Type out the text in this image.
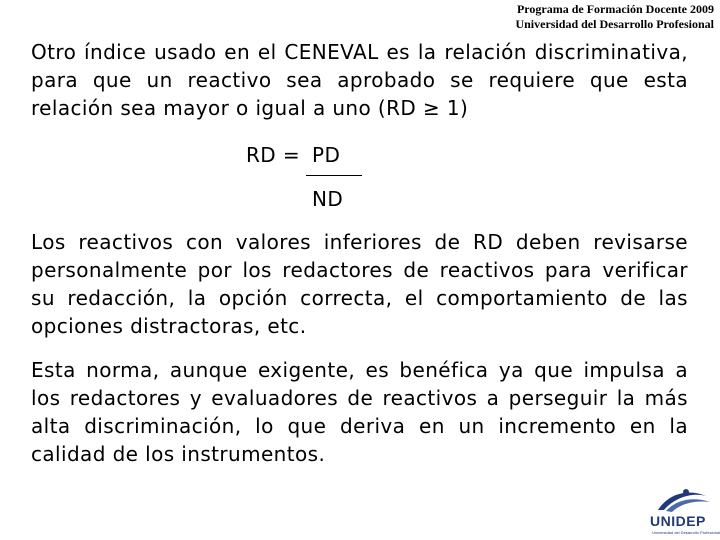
Programa de Formación Docente 2009
Universidad del Desarrollo Profesional

Otro índice usado en el CENEVAL es la relación discriminativa, para que un reactivo sea aprobado se requiere que esta relación sea mayor o igual a uno (RD ≥ 1)

RD = PD
ND

Los reactivos con valores inferiores de RD deben revisarse personalmente por los redactores de reactivos para verificar su redacción, la opción correcta, el comportamiento de las opciones distractoras, etc.

Esta norma, aunque exigente, es benéfica ya que impulsa a los redactores y evaluadores de reactivos a perseguir la más alta discriminación, lo que deriva en un incremento en la calidad de los instrumentos.

UNIDEP
Universidad del Desarrollo Profesional
